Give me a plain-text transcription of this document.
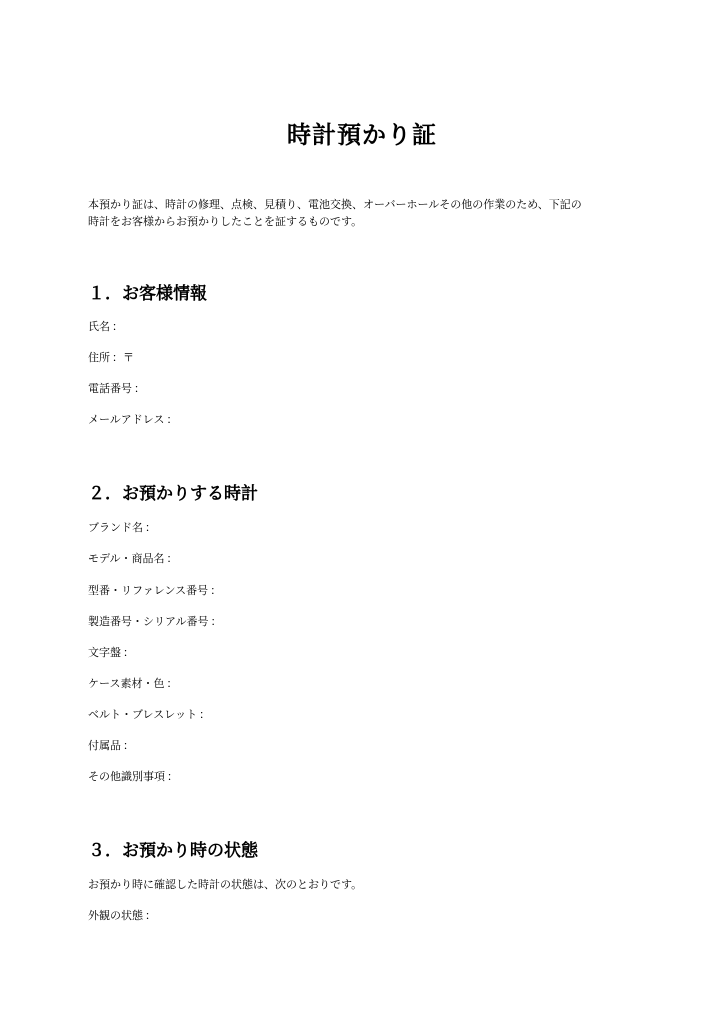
時計預かり証
本預かり証は、時計の修理、点検、見積り、電池交換、オーバーホールその他の作業のため、下記の
時計をお客様からお預かりしたことを証するものです。
１．お客様情報
氏名 ：
住所 ：〒
電話番号 ：
メールアドレス ：
２．お預かりする時計
ブランド名 ：
モデル・商品名 ：
型番・リファレンス番号 ：
製造番号・シリアル番号 ：
文字盤 ：
ケース素材・色 ：
ベルト・ブレスレット ：
付属品 ：
その他識別事項 ：
３．お預かり時の状態
お預かり時に確認した時計の状態は、次のとおりです。
外観の状態 ：
